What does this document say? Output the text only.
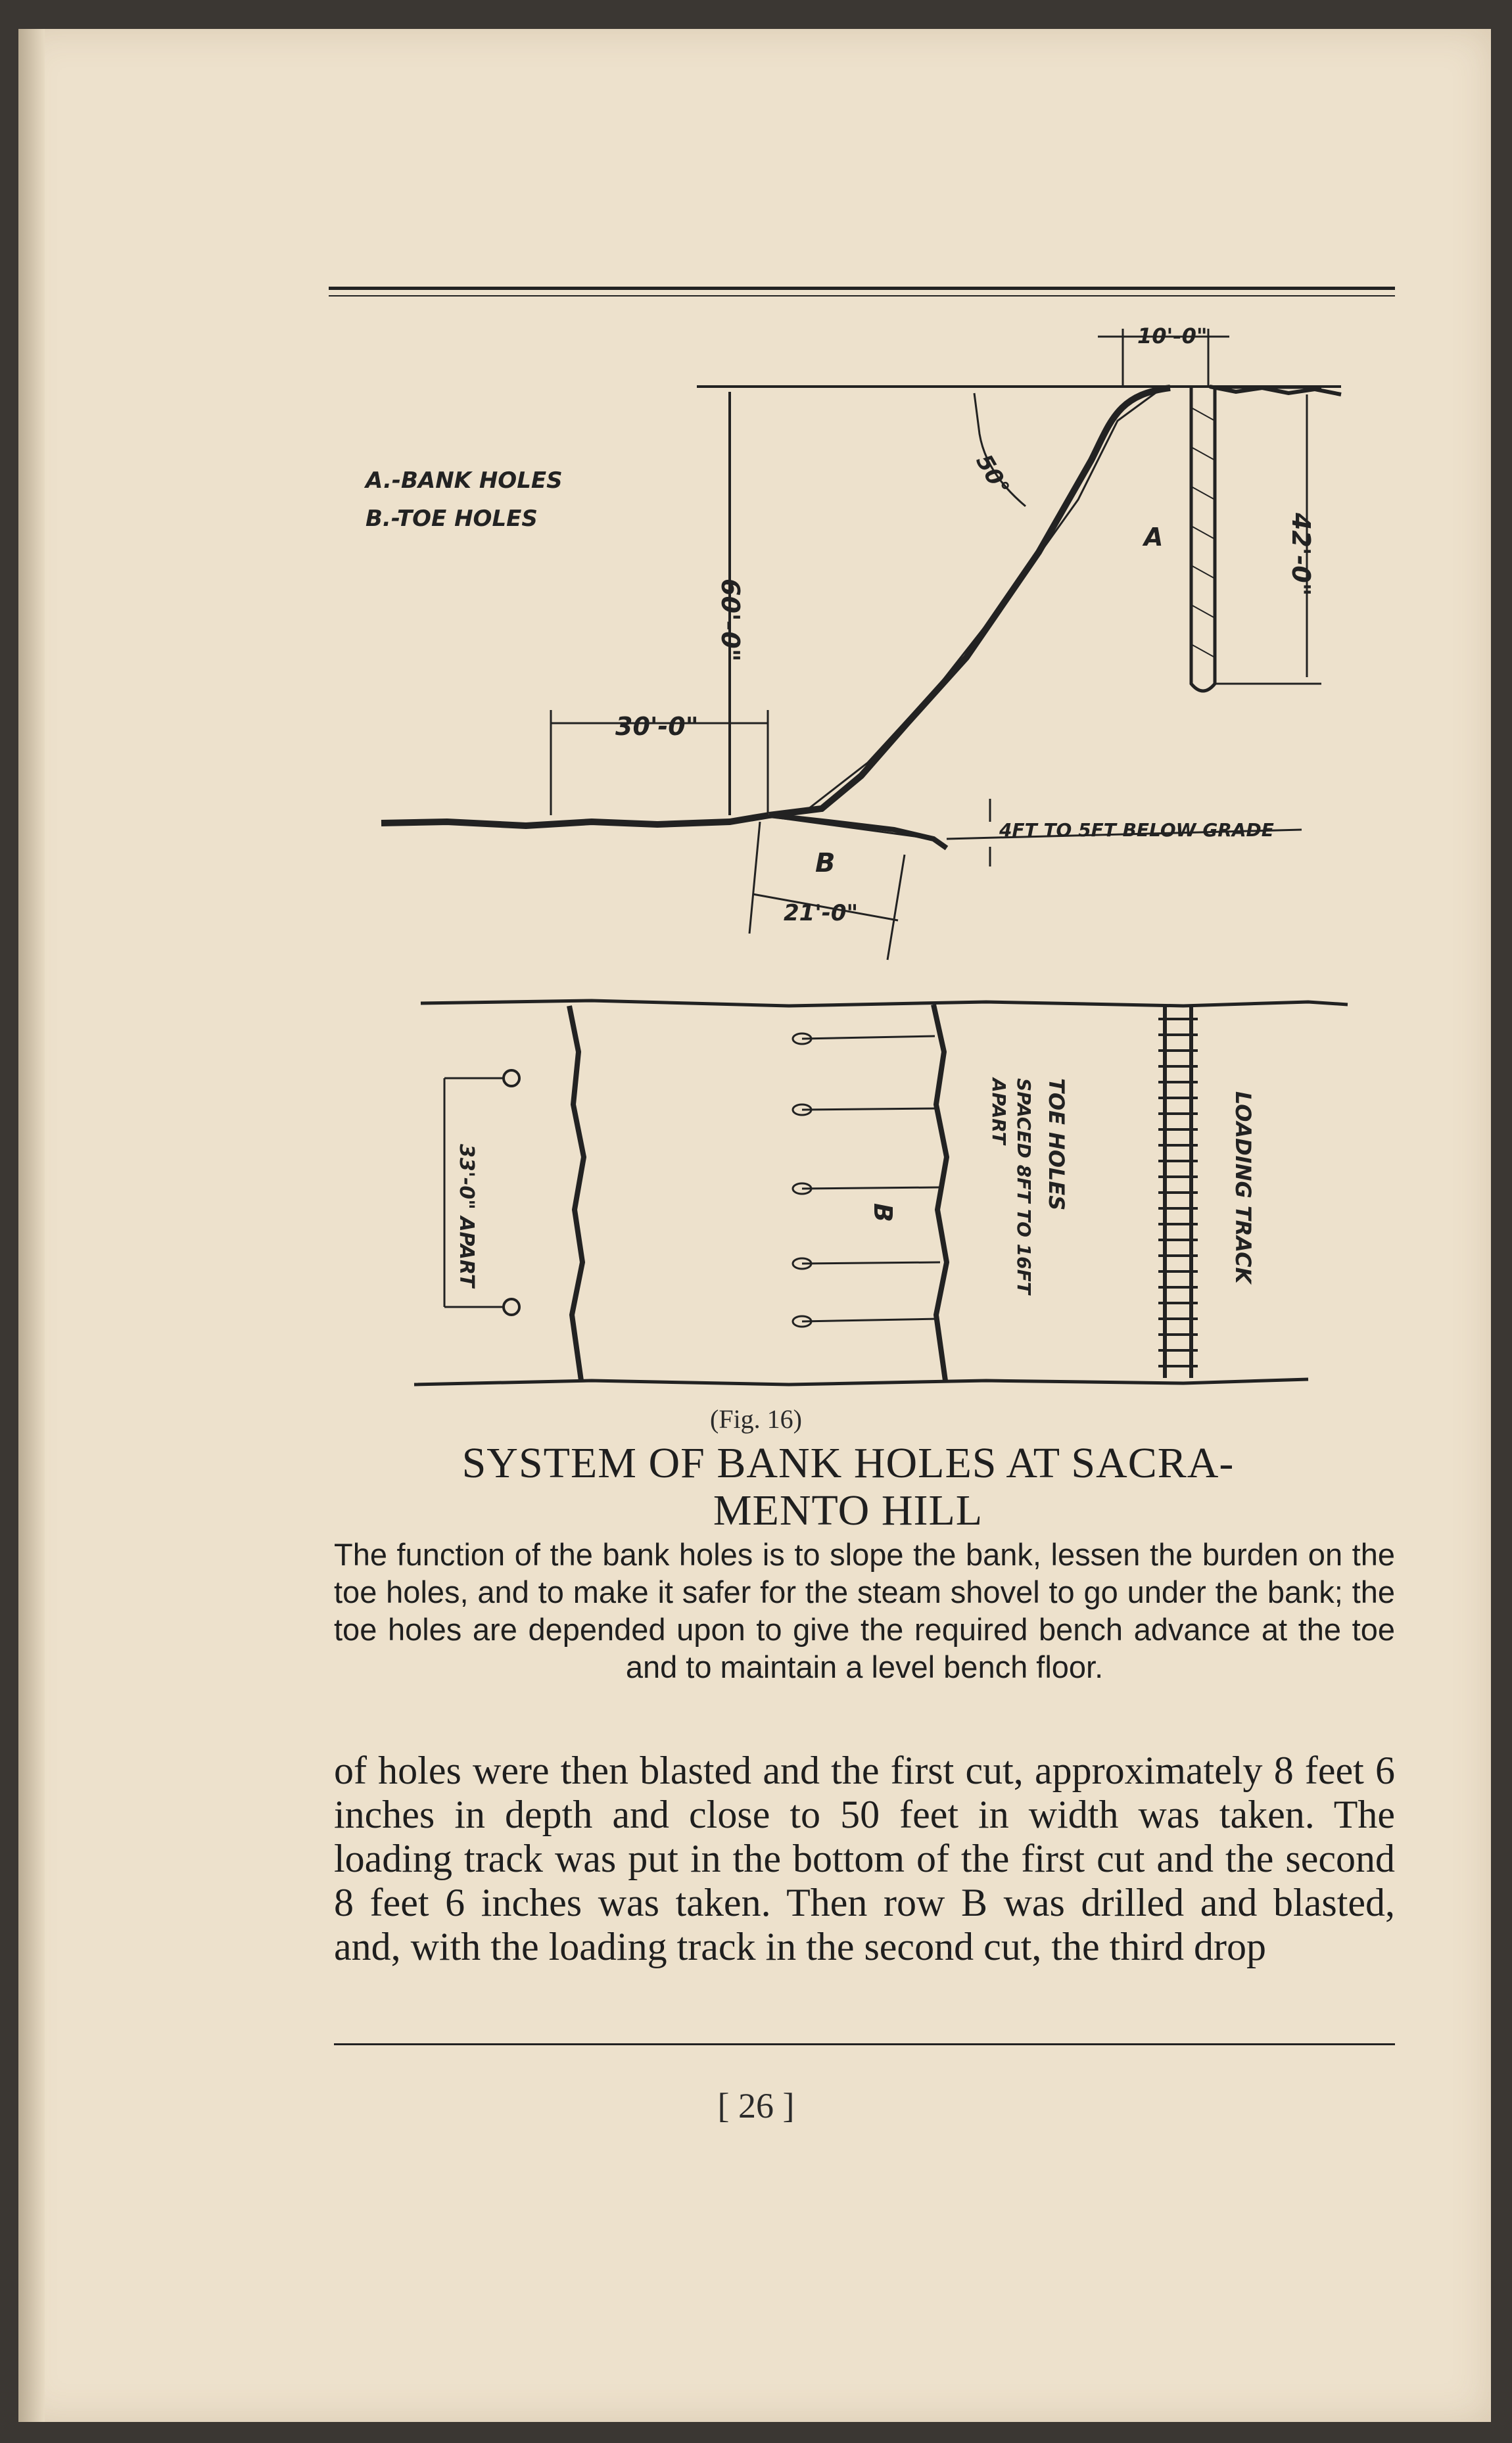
A.-BANK HOLES
B.-TOE HOLES
10'-0"
60'-0"
50°
42'-0"
A
30'-0"
B
21'-0"
4FT TO 5FT BELOW GRADE
33'-0" APART	B
TOE HOLES
SPACED 8FT TO 16FT
APART	LOADING TRACK
(Fig. 16)
SYSTEM OF BANK HOLES AT SACRA-
MENTO HILL
The function of the bank holes is to slope the bank, lessen the burden on the toe holes, and to make it safer for the steam shovel to go under the bank; the toe holes are depended upon to give the required bench advance at the toe and to maintain a level bench floor.
of holes were then blasted and the first cut, approximately 8 feet 6 inches in depth and close to 50 feet in width was taken. The loading track was put in the bottom of the first cut and the second 8 feet 6 inches was taken. Then row B was drilled and blasted, and, with the loading track in the second cut, the third drop
[ 26 ]
